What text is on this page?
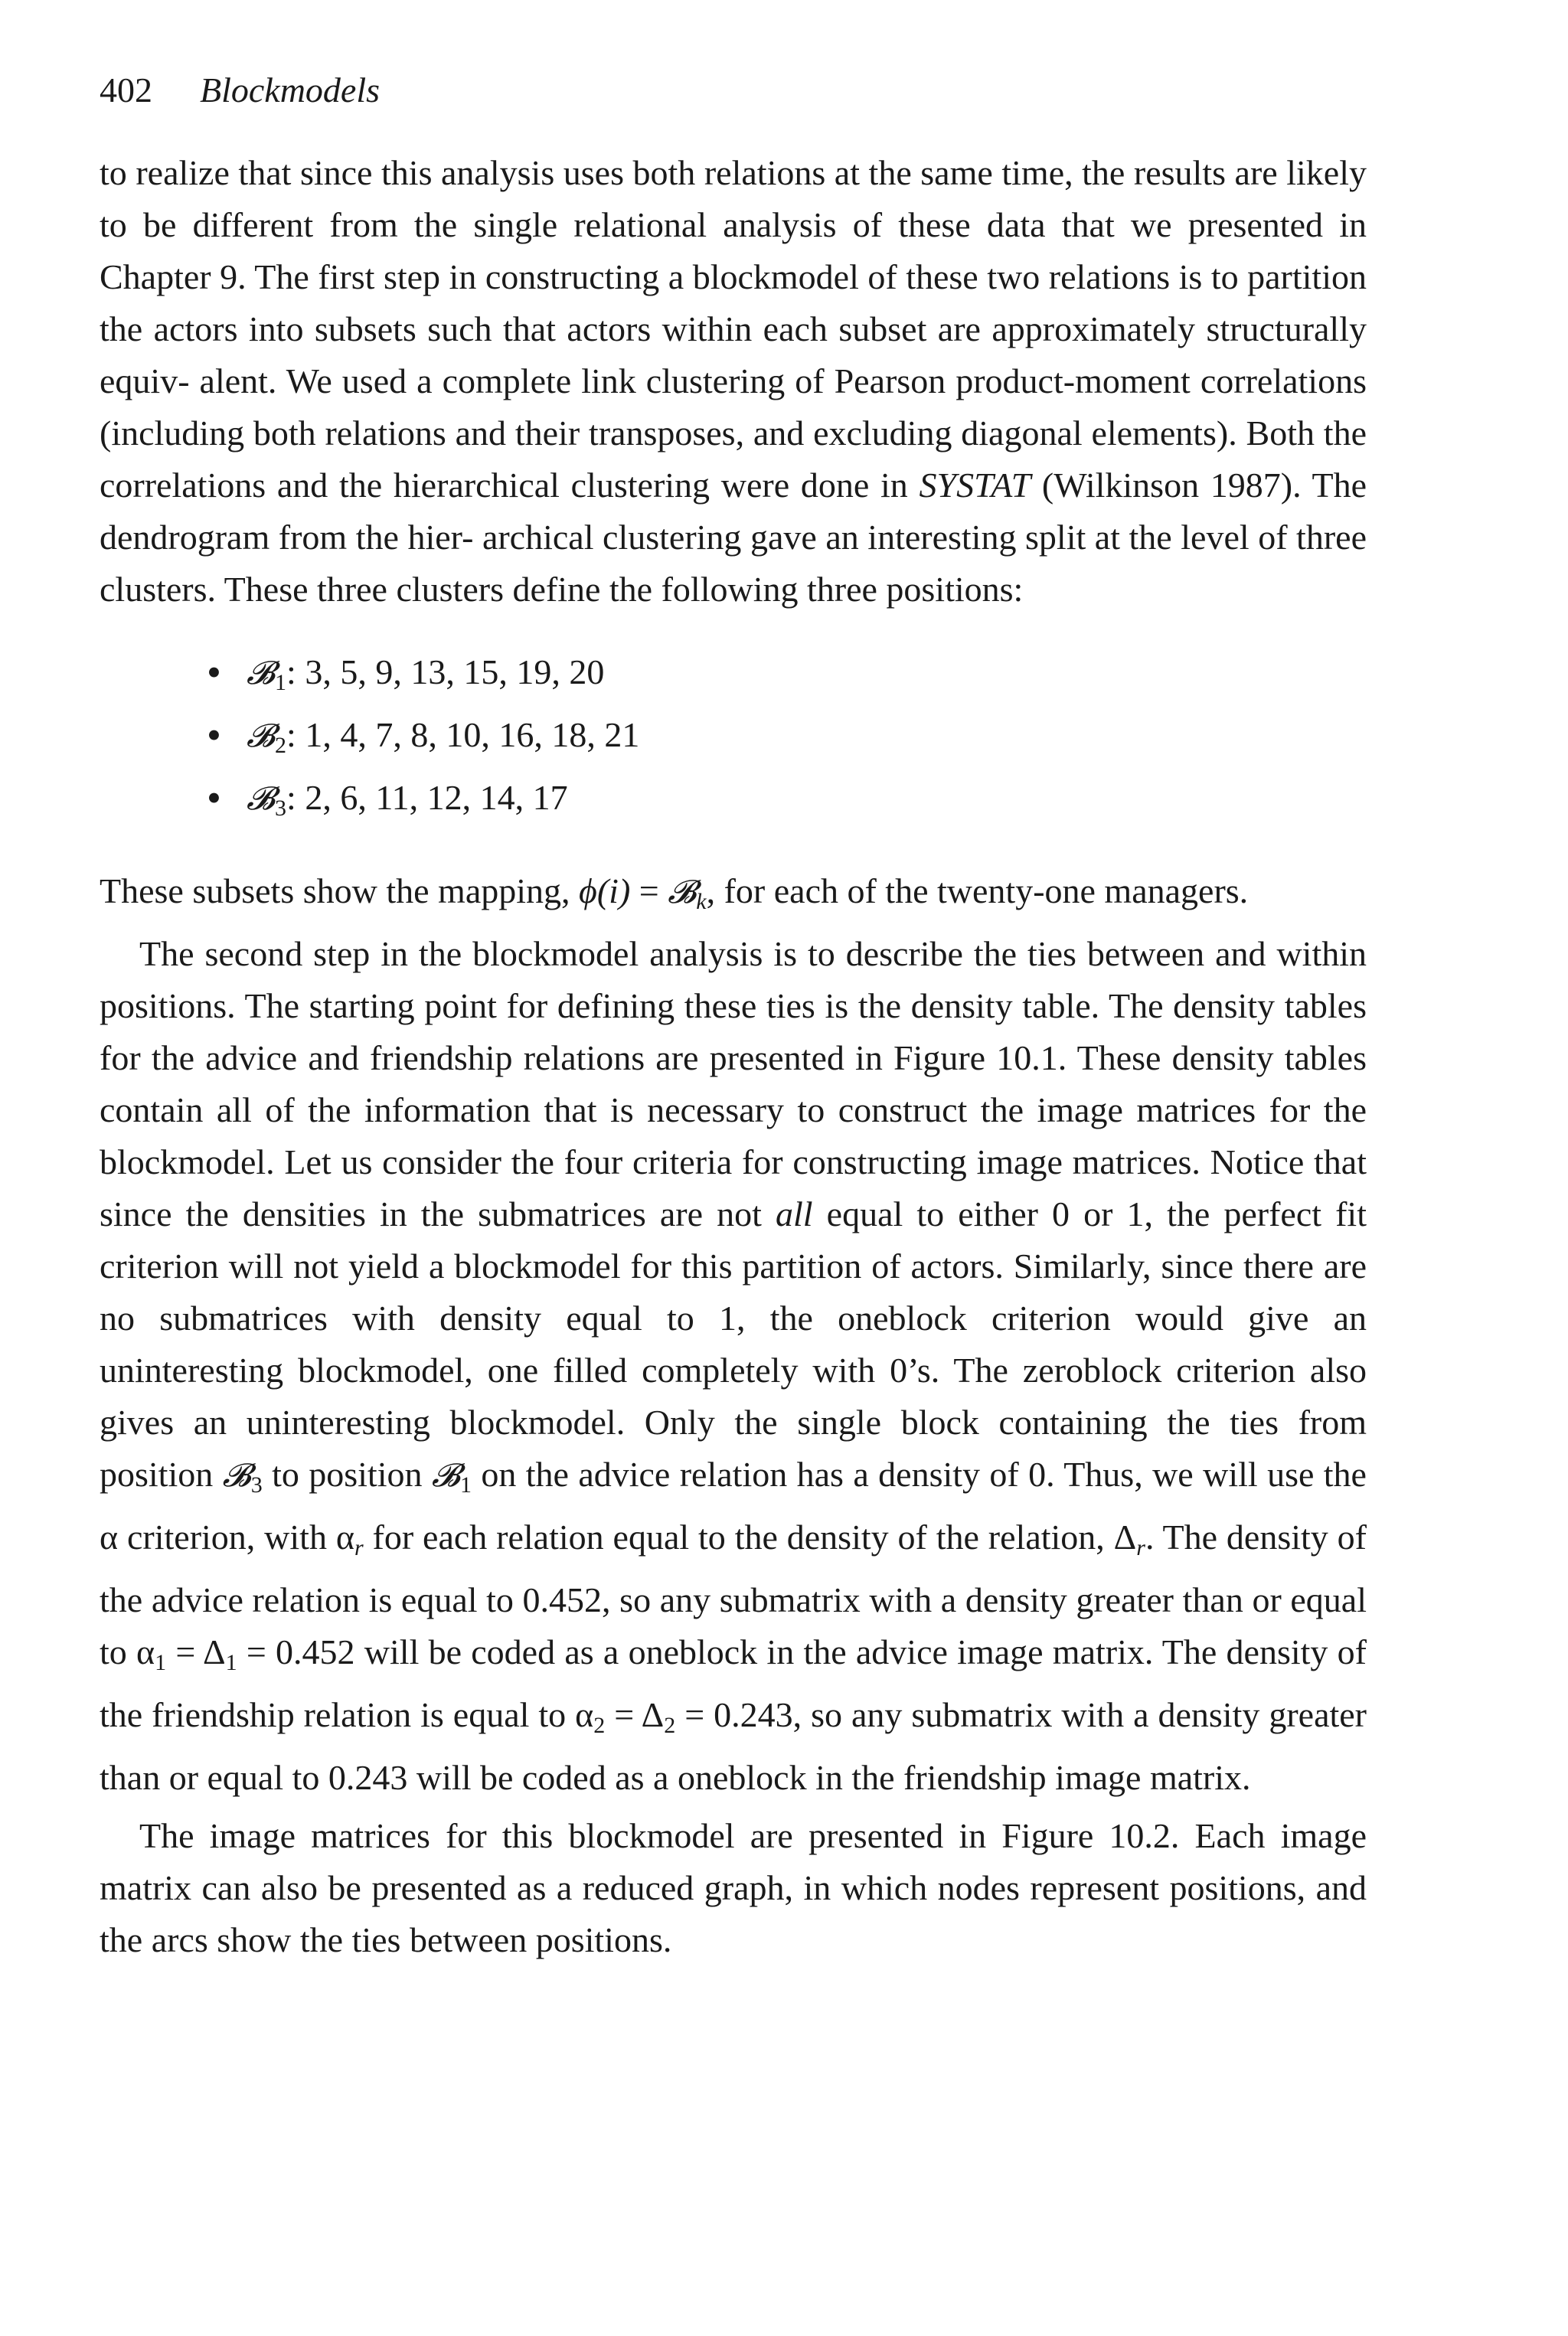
402 Blockmodels

to realize that since this analysis uses both relations at the same time, the results are likely to be different from the single relational analysis of these data that we presented in Chapter 9. The first step in constructing a blockmodel of these two relations is to partition the actors into subsets such that actors within each subset are approximately structurally equiv- alent. We used a complete link clustering of Pearson product-moment correlations (including both relations and their transposes, and excluding diagonal elements). Both the correlations and the hierarchical clustering were done in SYSTAT (Wilkinson 1987). The dendrogram from the hier- archical clustering gave an interesting split at the level of three clusters. These three clusters define the following three positions:

• 𝓑$_1$: 3, 5, 9, 13, 15, 19, 20
• 𝓑$_2$: 1, 4, 7, 8, 10, 16, 18, 21
• 𝓑$_3$: 2, 6, 11, 12, 14, 17

These subsets show the mapping, ϕ(i) = 𝓑$_k$, for each of the twenty-one managers.

The second step in the blockmodel analysis is to describe the ties between and within positions. The starting point for defining these ties is the density table. The density tables for the advice and friendship relations are presented in Figure 10.1. These density tables contain all of the information that is necessary to construct the image matrices for the blockmodel. Let us consider the four criteria for constructing image matrices. Notice that since the densities in the submatrices are not all equal to either 0 or 1, the perfect fit criterion will not yield a blockmodel for this partition of actors. Similarly, since there are no submatrices with density equal to 1, the oneblock criterion would give an uninteresting blockmodel, one filled completely with 0’s. The zeroblock criterion also gives an uninteresting blockmodel. Only the single block containing the ties from position 𝓑$_3$ to position 𝓑$_1$ on the advice relation has a density of 0. Thus, we will use the α criterion, with $\alpha_r$ for each relation equal to the density of the relation, $\Delta_r$. The density of the advice relation is equal to 0.452, so any submatrix with a density greater than or equal to $\alpha_1 = \Delta_1 = 0.452$ will be coded as a oneblock in the advice image matrix. The density of the friendship relation is equal to $\alpha_2 = \Delta_2 = 0.243$, so any submatrix with a density greater than or equal to 0.243 will be coded as a oneblock in the friendship image matrix.

The image matrices for this blockmodel are presented in Figure 10.2. Each image matrix can also be presented as a reduced graph, in which nodes represent positions, and the arcs show the ties between positions.
